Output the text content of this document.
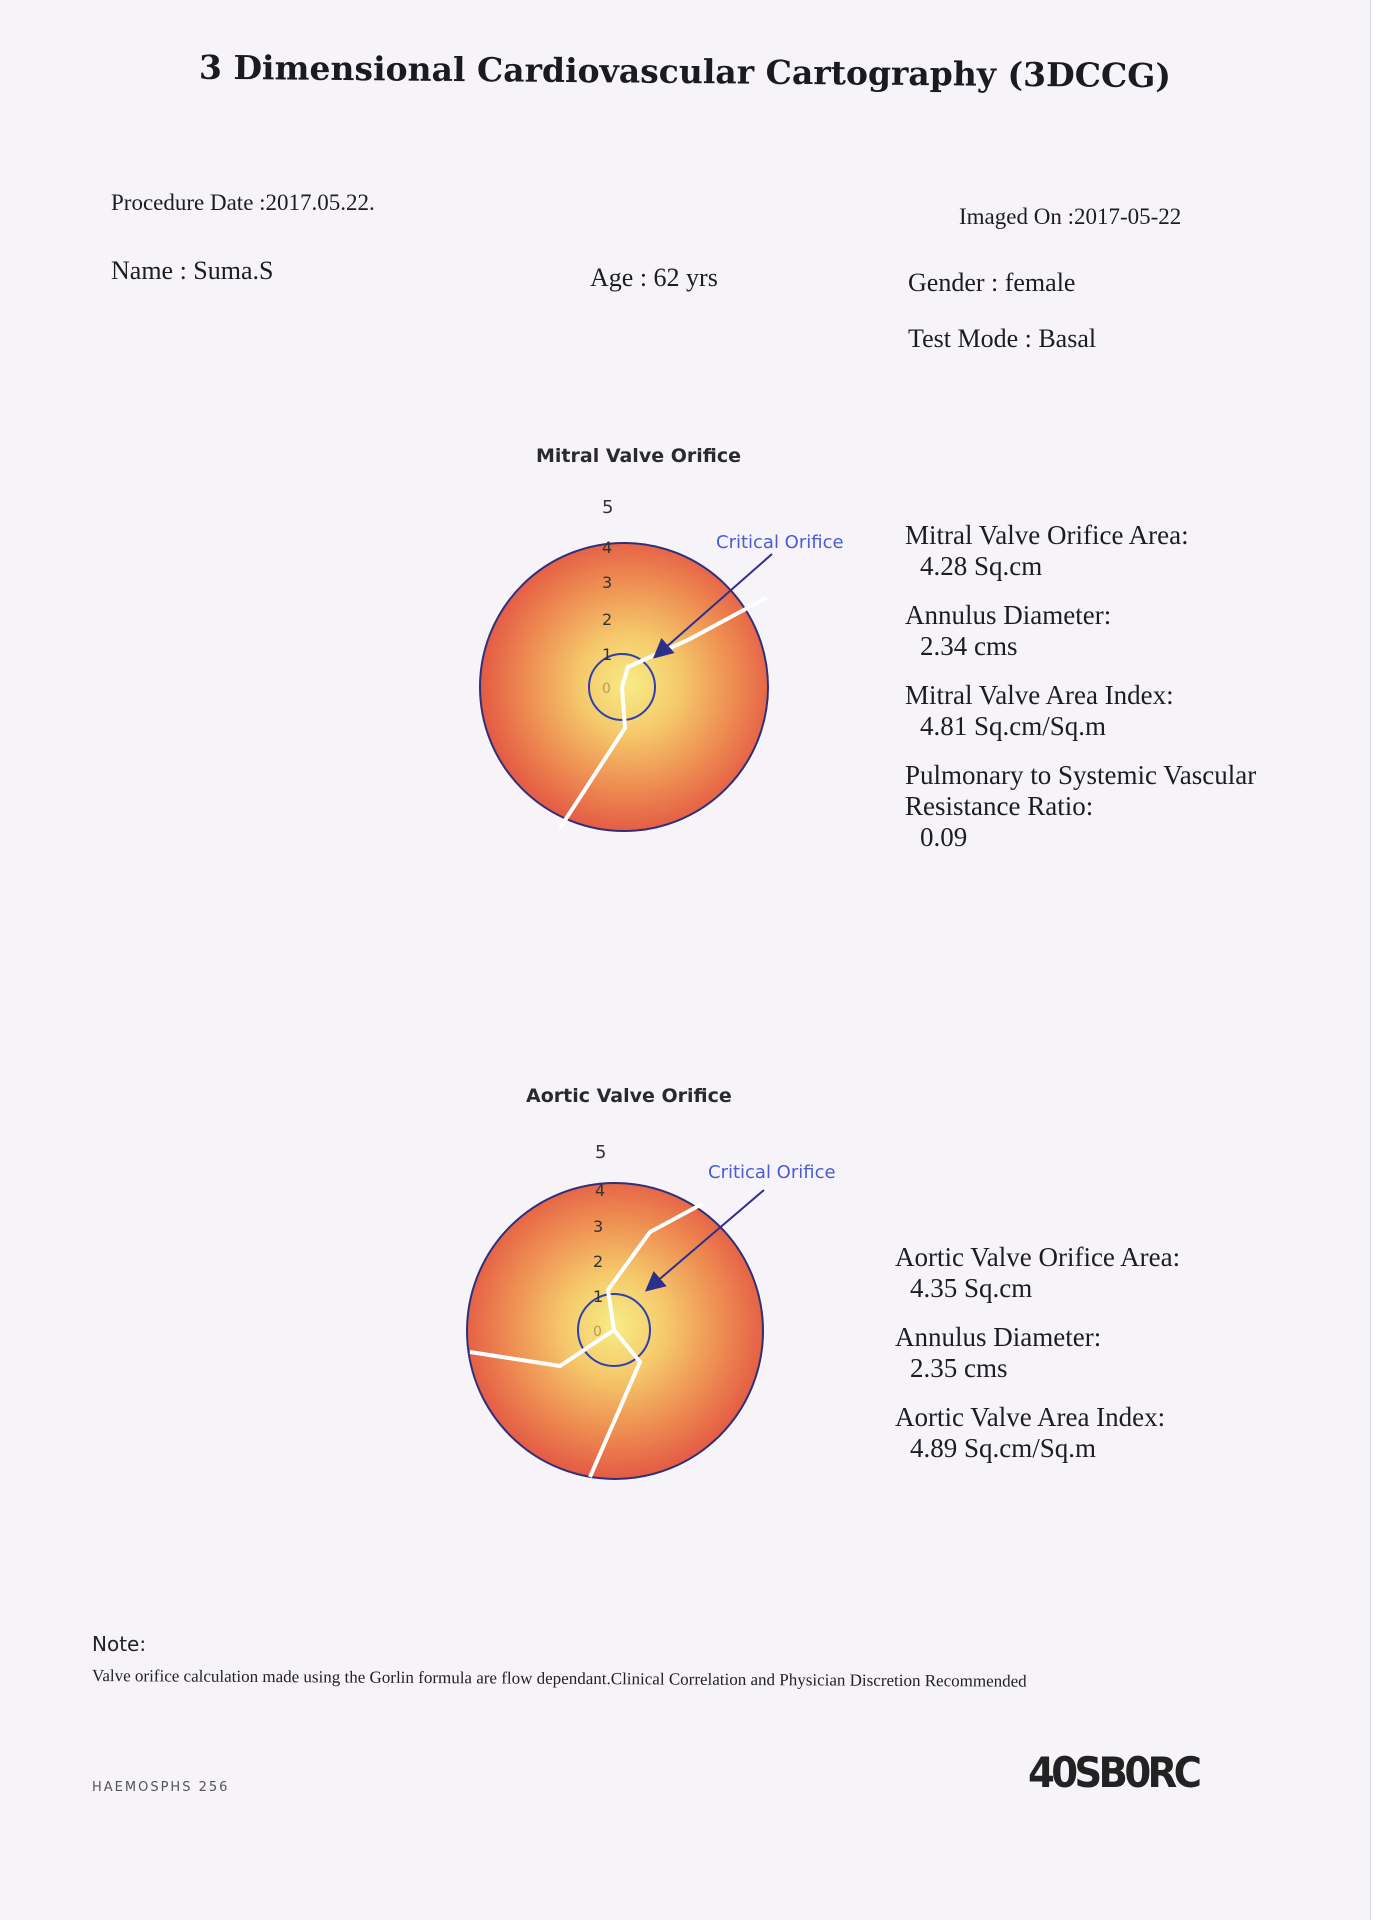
3 Dimensional Cardiovascular Cartography (3DCCG)
Procedure Date :2017.05.22.
Imaged On :2017-05-22
Name : Suma.S	Age : 62 yrs	Gender : female
Test Mode : Basal
Mitral Valve Orifice
Critical Orifice
5
4
3
2
1
0
Mitral Valve Orifice Area:
4.28 Sq.cm
Annulus Diameter:
2.34 cms
Mitral Valve Area Index:
4.81 Sq.cm/Sq.m
Pulmonary to Systemic Vascular
Resistance Ratio:
0.09
Aortic Valve Orifice
Critical Orifice
5
4
3
2
1
0
Aortic Valve Orifice Area:
4.35 Sq.cm
Annulus Diameter:
2.35 cms
Aortic Valve Area Index:
4.89 Sq.cm/Sq.m
Note:
Valve orifice calculation made using the Gorlin formula are flow dependant.Clinical Correlation and Physician Discretion Recommended
HAEMOSPHS 256	40SB0RC
